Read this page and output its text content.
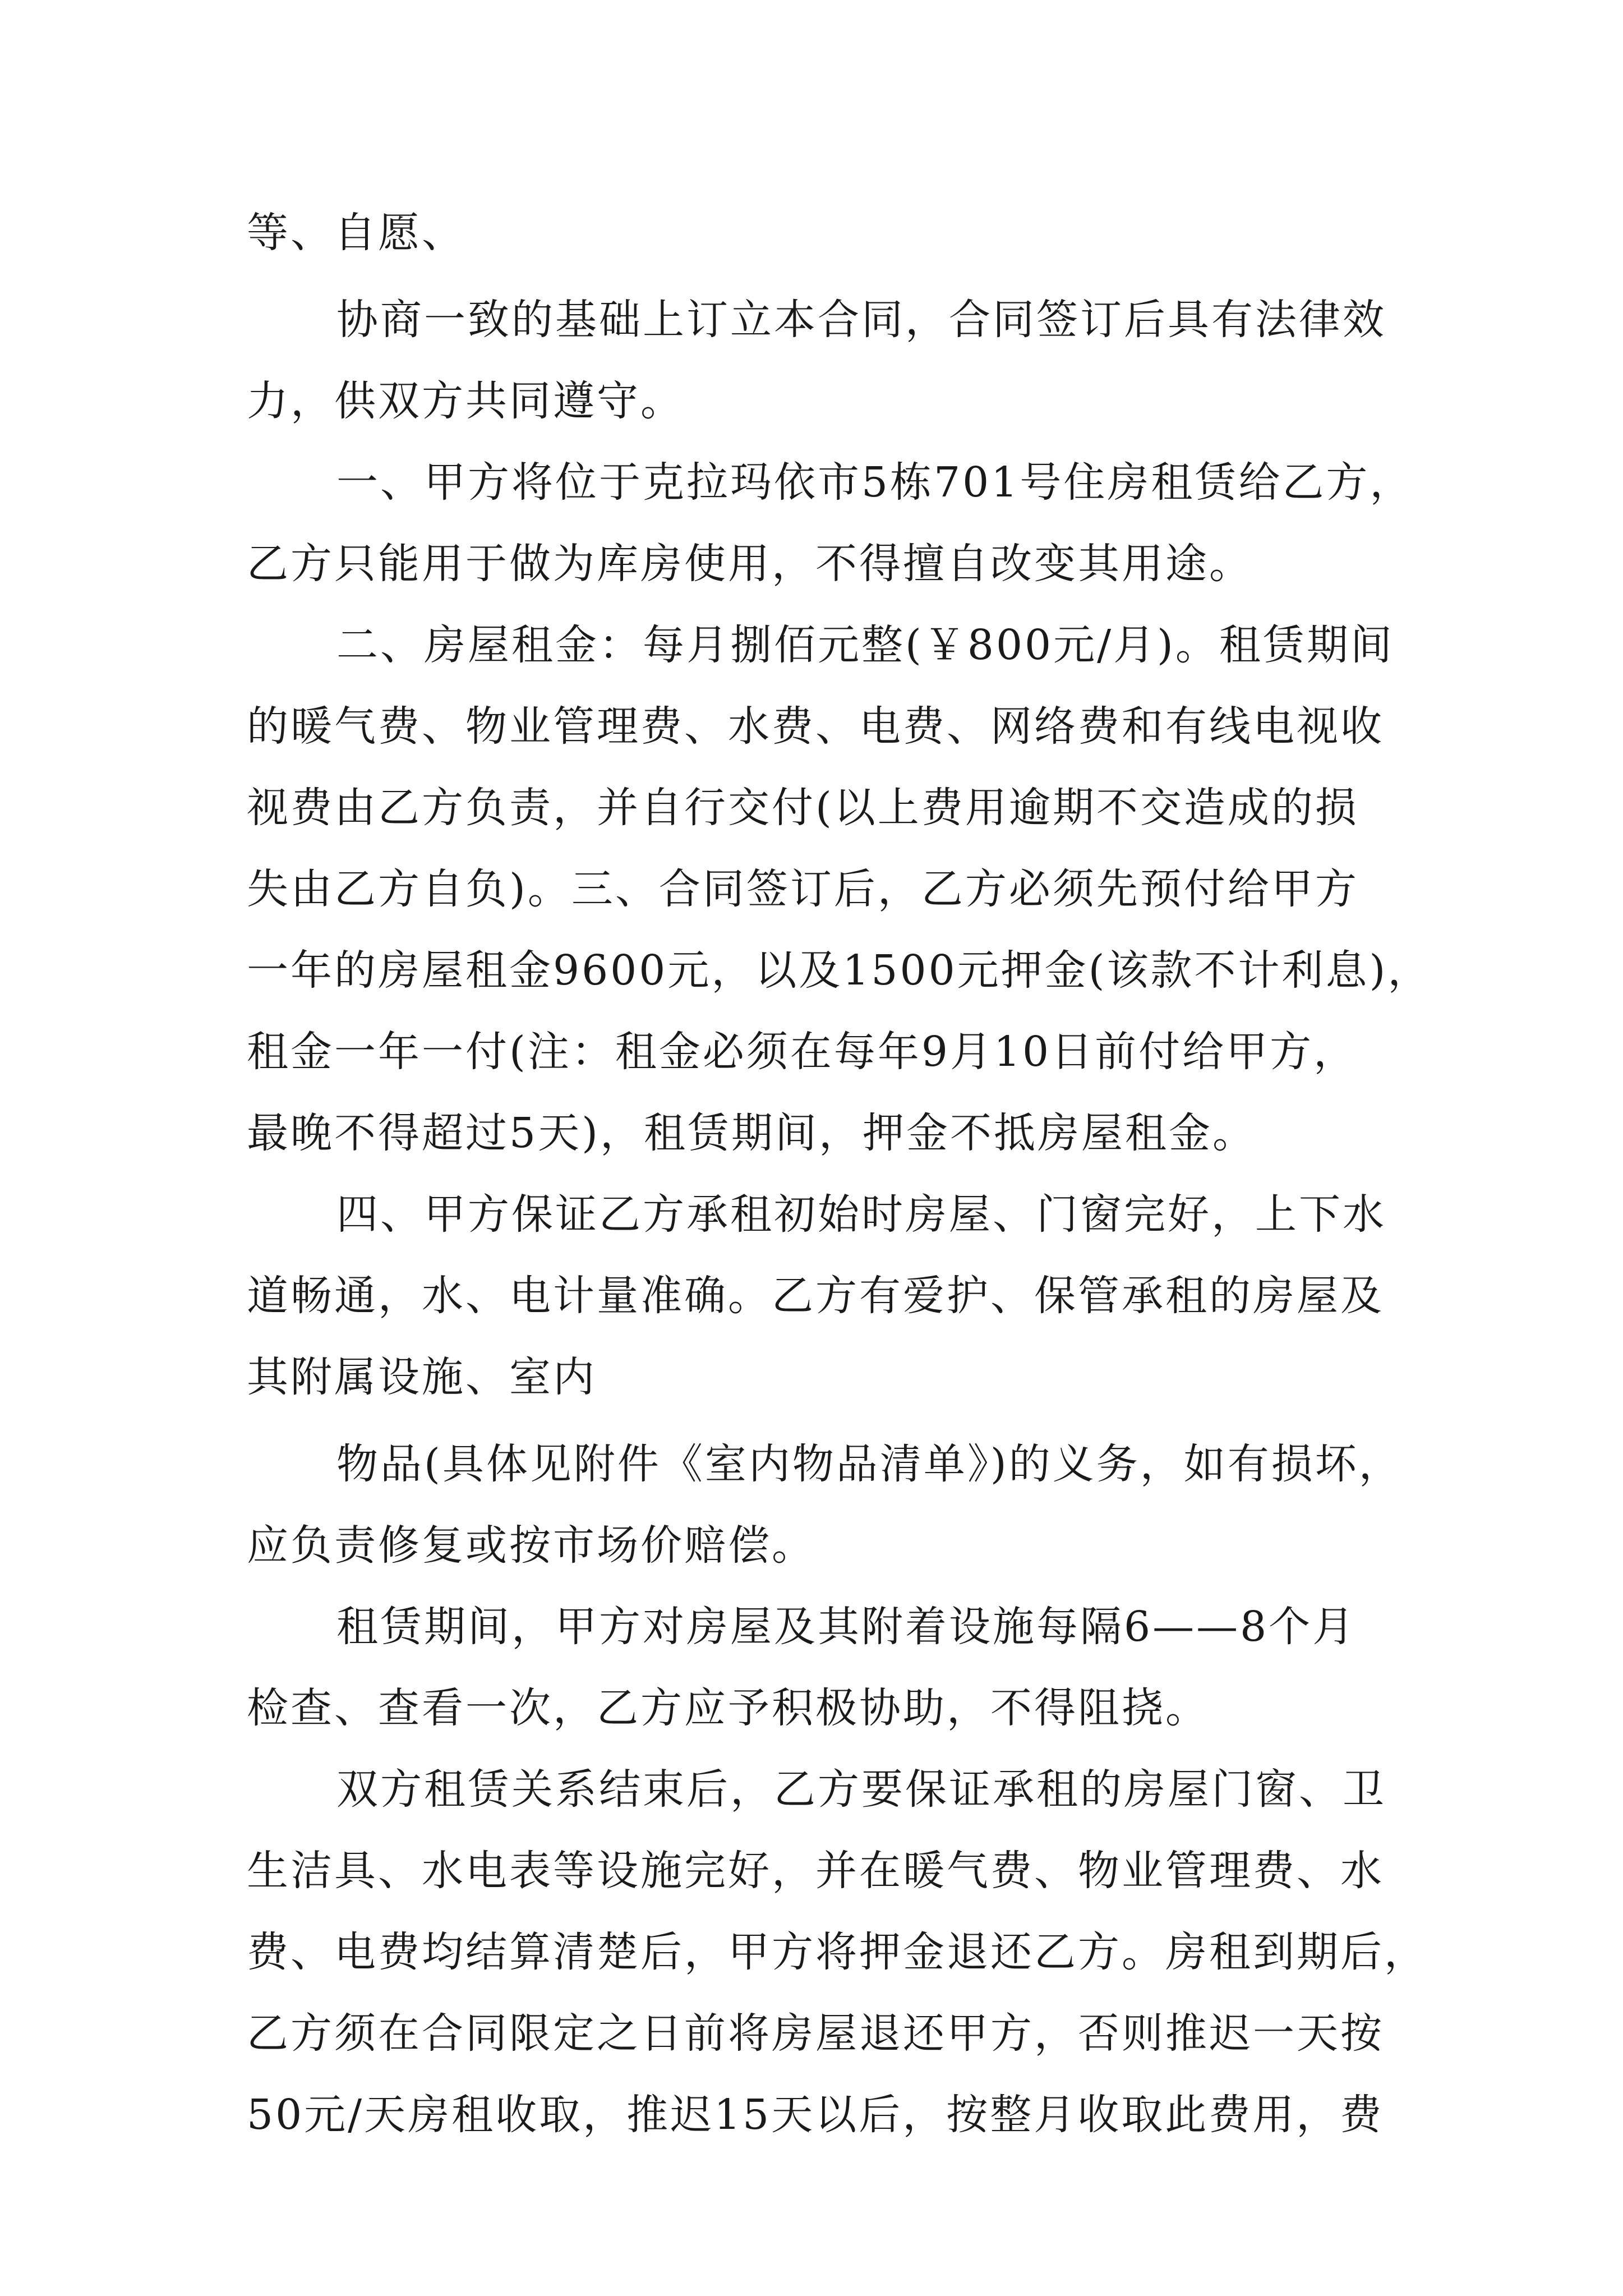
等、自愿、
协商一致的基础上订立本合同，合同签订后具有法律效
力，供双方共同遵守。
一、甲方将位于克拉玛依市5栋701号住房租赁给乙方，
乙方只能用于做为库房使用，不得擅自改变其用途。
二、房屋租金：每月捌佰元整(￥800元/月)。租赁期间
的暖气费、物业管理费、水费、电费、网络费和有线电视收
视费由乙方负责，并自行交付(以上费用逾期不交造成的损
失由乙方自负)。三、合同签订后，乙方必须先预付给甲方
一年的房屋租金9600元，以及1500元押金(该款不计利息)，
租金一年一付(注：租金必须在每年9月10日前付给甲方，
最晚不得超过5天)，租赁期间，押金不抵房屋租金。
四、甲方保证乙方承租初始时房屋、门窗完好，上下水
道畅通，水、电计量准确。乙方有爱护、保管承租的房屋及
其附属设施、室内
物品(具体见附件《室内物品清单》)的义务，如有损坏，
应负责修复或按市场价赔偿。
租赁期间，甲方对房屋及其附着设施每隔6——8个月
检查、查看一次，乙方应予积极协助，不得阻挠。
双方租赁关系结束后，乙方要保证承租的房屋门窗、卫
生洁具、水电表等设施完好，并在暖气费、物业管理费、水
费、电费均结算清楚后，甲方将押金退还乙方。房租到期后，
乙方须在合同限定之日前将房屋退还甲方，否则推迟一天按
50元/天房租收取，推迟15天以后，按整月收取此费用，费
